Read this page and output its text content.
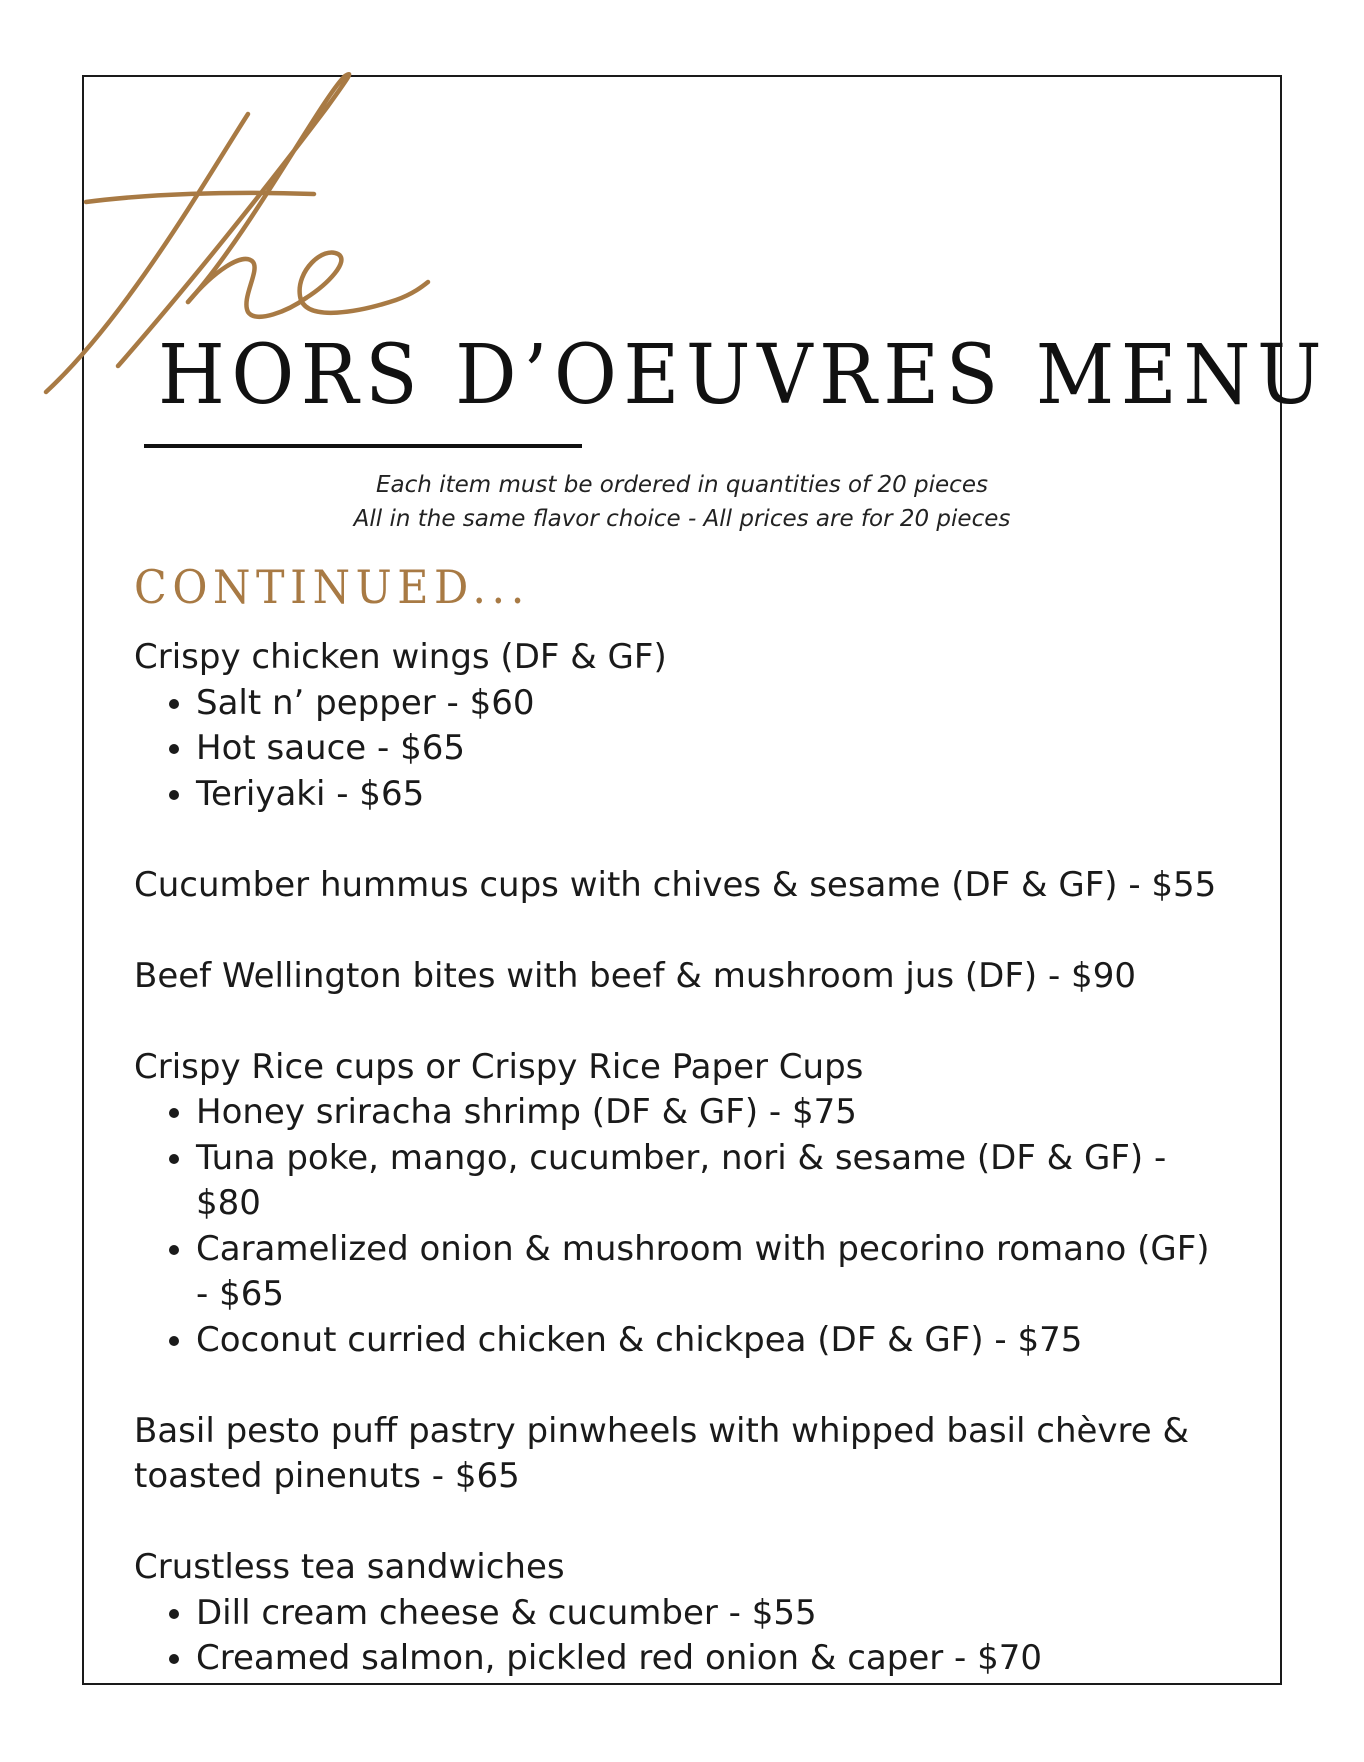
HORS D’OEUVRES MENU
Each item must be ordered in quantities of 20 pieces
All in the same flavor choice - All prices are for 20 pieces
CONTINUED...

Crispy chicken wings (DF & GF)

• Salt n’ pepper - $60
• Hot sauce - $65
• Teriyaki - $65

Cucumber hummus cups with chives & sesame (DF & GF) - $55

Beef Wellington bites with beef & mushroom jus (DF) - $90

Crispy Rice cups or Crispy Rice Paper Cups

• Honey sriracha shrimp (DF & GF) - $75
• Tuna poke, mango, cucumber, nori & sesame (DF & GF) - $80
• Caramelized onion & mushroom with pecorino romano (GF) - $65
• Coconut curried chicken & chickpea (DF & GF) - $75

Basil pesto puff pastry pinwheels with whipped basil chèvre & toasted pinenuts - $65

Crustless tea sandwiches

• Dill cream cheese & cucumber - $55
• Creamed salmon, pickled red onion & caper - $70
